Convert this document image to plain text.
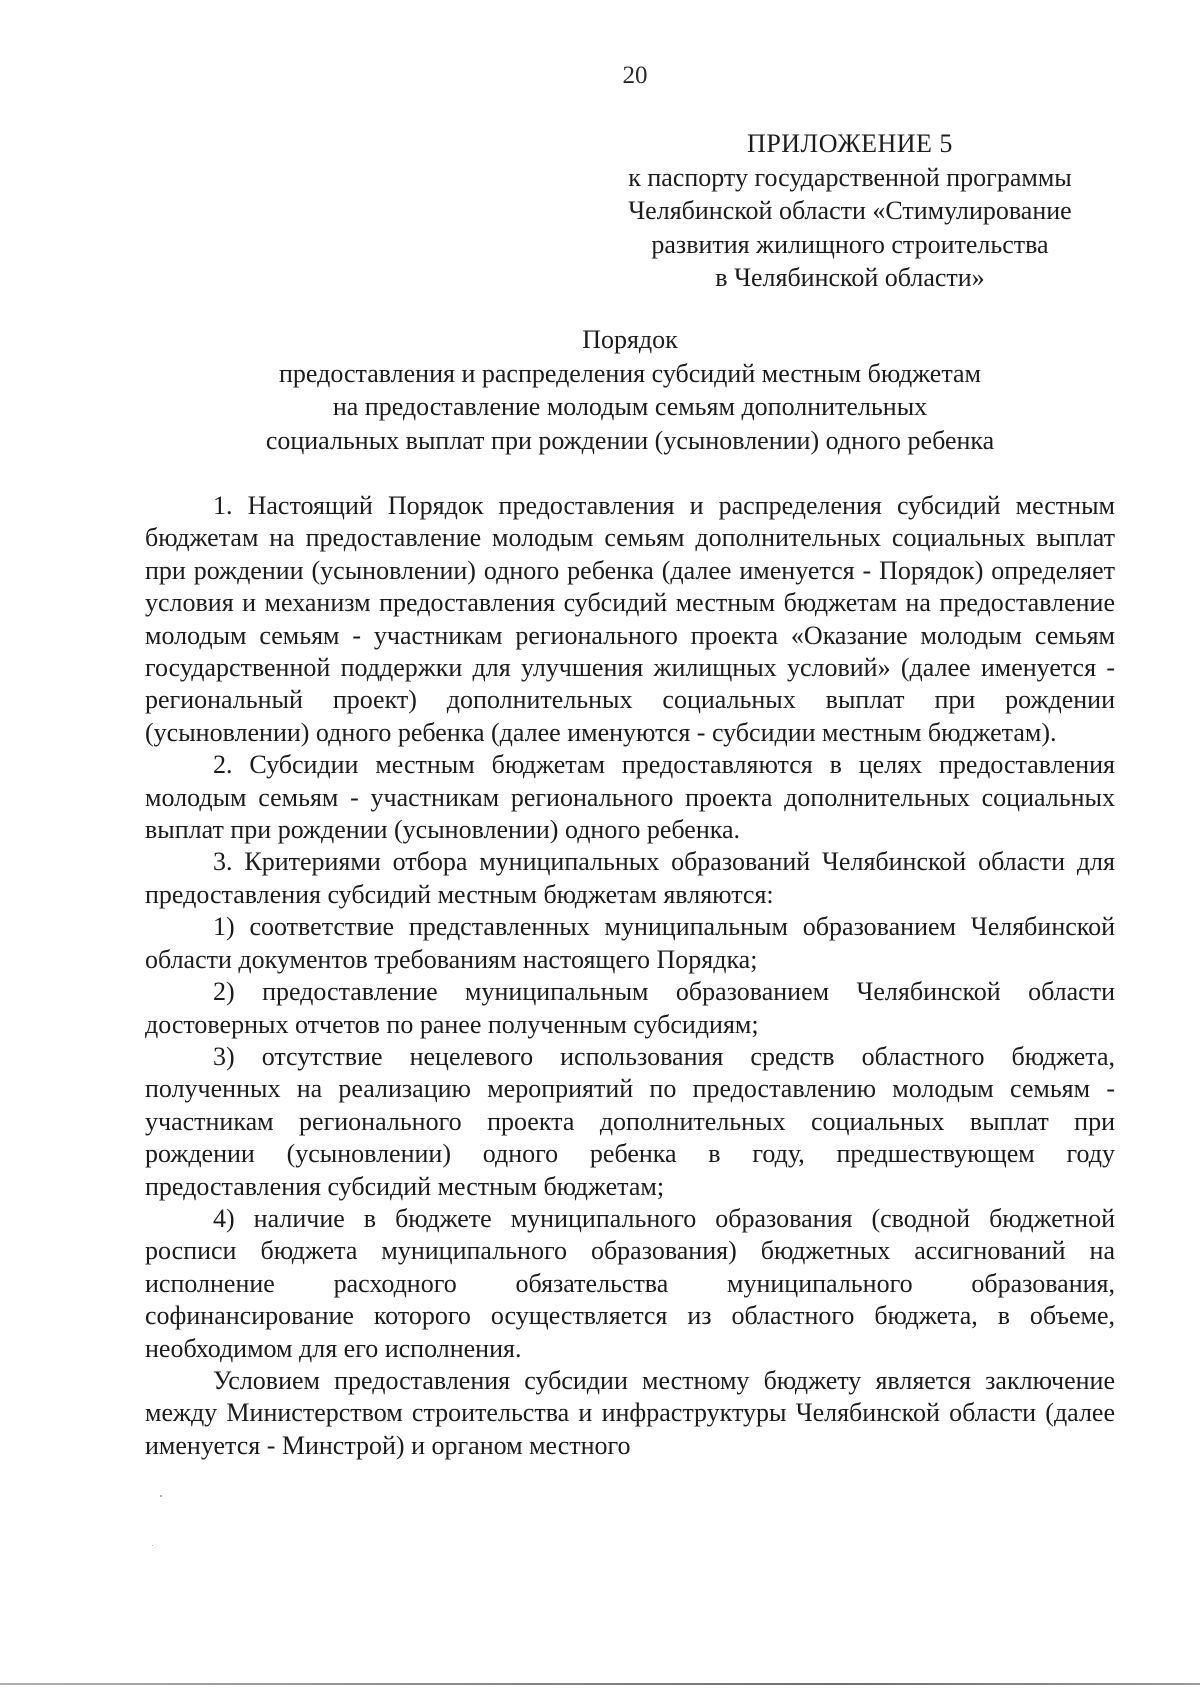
20
ПРИЛОЖЕНИЕ 5
к паспорту государственной программы
Челябинской области «Стимулирование
развития жилищного строительства
в Челябинской области»
Порядок
предоставления и распределения субсидий местным бюджетам
на предоставление молодым семьям дополнительных
социальных выплат при рождении (усыновлении) одного ребенка

1. Настоящий Порядок предоставления и распределения субсидий местным бюджетам на предоставление молодым семьям дополнительных социальных выплат при рождении (усыновлении) одного ребенка (далее именуется - Порядок) определяет условия и механизм предоставления субсидий местным бюджетам на предоставление молодым семьям - участникам регионального проекта «Оказание молодым семьям государственной поддержки для улучшения жилищных условий» (далее именуется - региональный проект) дополнительных социальных выплат при рождении (усыновлении) одного ребенка (далее именуются - субсидии местным бюджетам).

2. Субсидии местным бюджетам предоставляются в целях предоставления молодым семьям - участникам регионального проекта дополнительных социальных выплат при рождении (усыновлении) одного ребенка.

3. Критериями отбора муниципальных образований Челябинской области для предоставления субсидий местным бюджетам являются:

1) соответствие представленных муниципальным образованием Челябинской области документов требованиям настоящего Порядка;

2) предоставление муниципальным образованием Челябинской области достоверных отчетов по ранее полученным субсидиям;

3) отсутствие нецелевого использования средств областного бюджета, полученных на реализацию мероприятий по предоставлению молодым семьям - участникам регионального проекта дополнительных социальных выплат при рождении (усыновлении) одного ребенка в году, предшествующем году предоставления субсидий местным бюджетам;

4) наличие в бюджете муниципального образования (сводной бюджетной росписи бюджета муниципального образования) бюджетных ассигнований на исполнение расходного обязательства муниципального образования, софинансирование которого осуществляется из областного бюджета, в объеме, необходимом для его исполнения.

Условием предоставления субсидии местному бюджету является заключение между Министерством строительства и инфраструктуры Челябинской области (далее именуется - Минстрой) и органом местного
